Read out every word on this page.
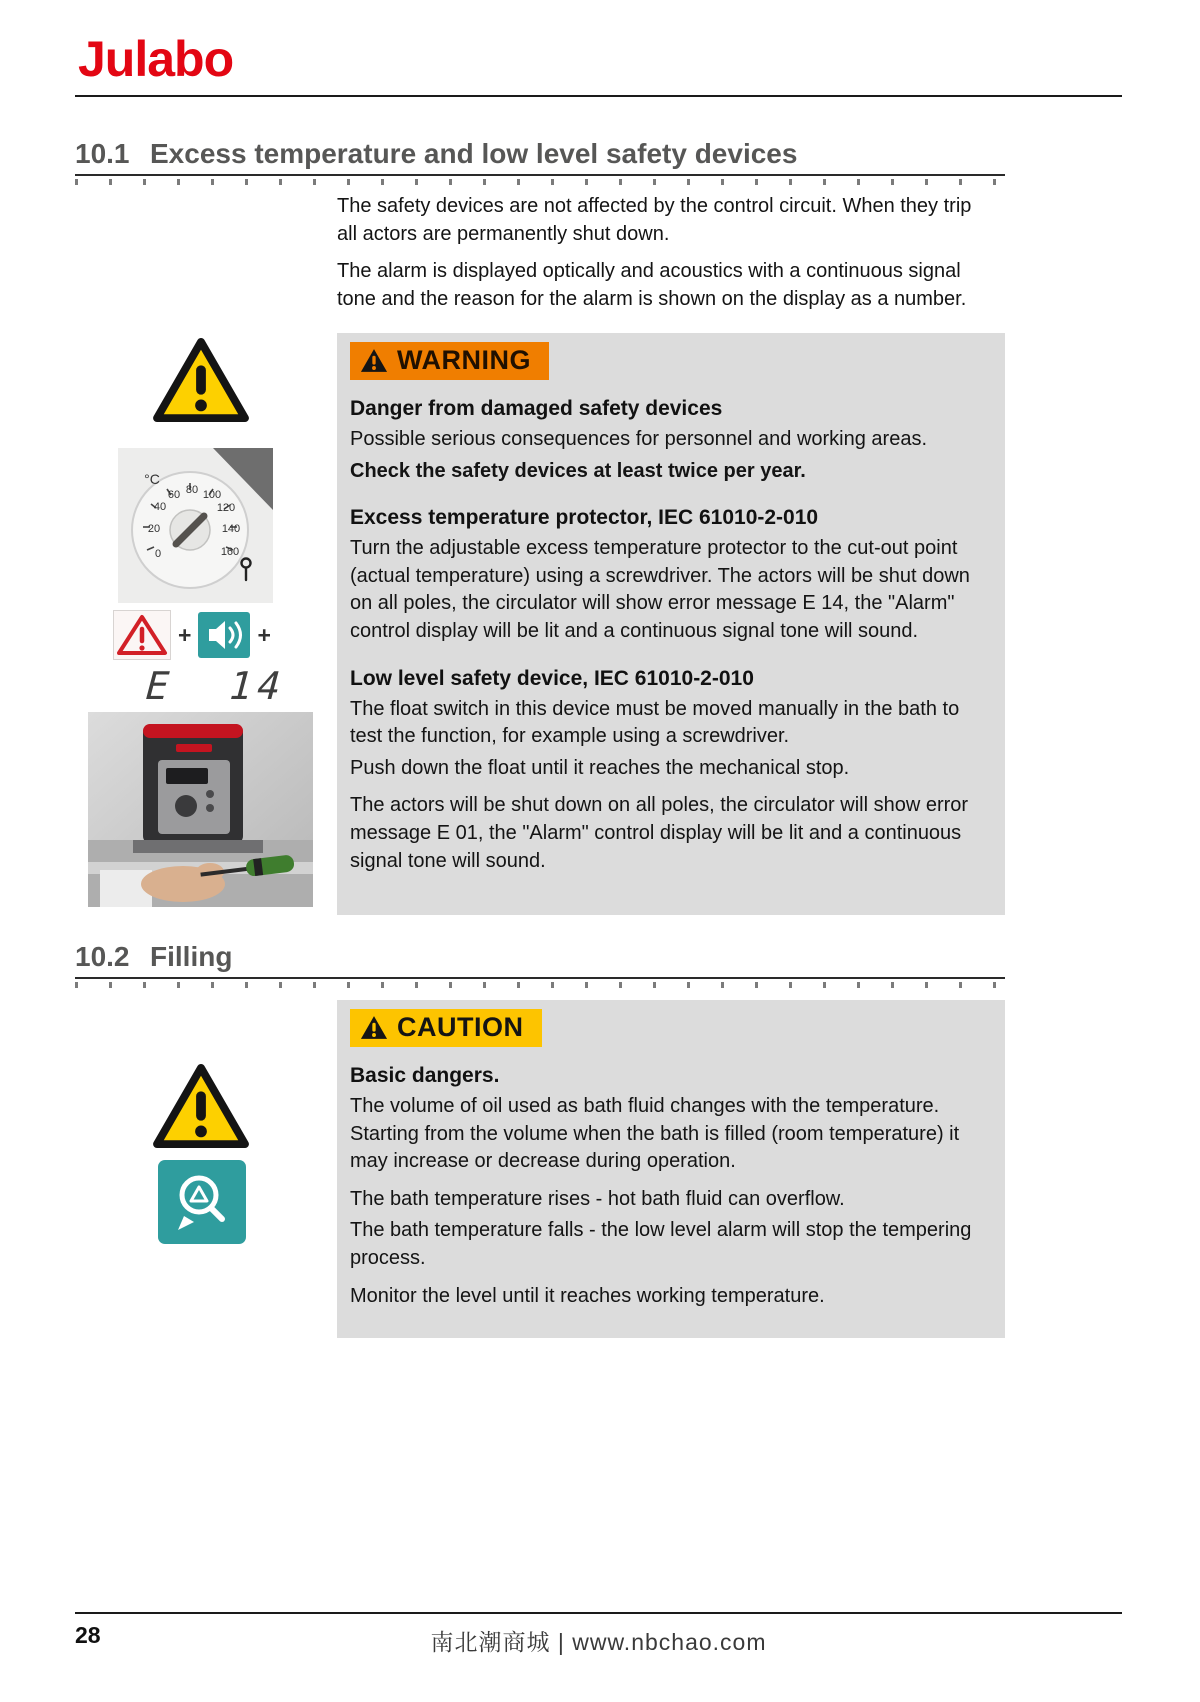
Julabo
10.1 Excess temperature and low level safety devices

The safety devices are not affected by the control circuit. When they trip all actors are permanently shut down.

The alarm is displayed optically and acoustics with a continuous signal tone and the reason for the alarm is shown on the display as a number.

WARNING
Danger from damaged safety devices

Possible serious consequences for personnel and working areas.

Check the safety devices at least twice per year.

Excess temperature protector, IEC 61010-2-010

Turn the adjustable excess temperature protector to the cut-out point (actual temperature) using a screwdriver. The actors will be shut down on all poles, the circulator will show error message E 14, the "Alarm" control display will be lit and a continuous signal tone will sound.

Low level safety device, IEC 61010-2-010

The float switch in this device must be moved manually in the bath to test the function, for example using a screwdriver.

Push down the float until it reaches the mechanical stop.

The actors will be shut down on all poles, the circulator will show error message E 01, the "Alarm" control display will be lit and a continuous signal tone will sound.

°C
0
20
40
60 80 100
120
140
160
+	+
E  14
10.2 Filling
CAUTION
Basic dangers.

The volume of oil used as bath fluid changes with the temperature. Starting from the volume when the bath is filled (room temperature) it may increase or decrease during operation.

The bath temperature rises - hot bath fluid can overflow.

The bath temperature falls - the low level alarm will stop the tempering process.

Monitor the level until it reaches working temperature.

28	南北潮商城 | www.nbchao.com
